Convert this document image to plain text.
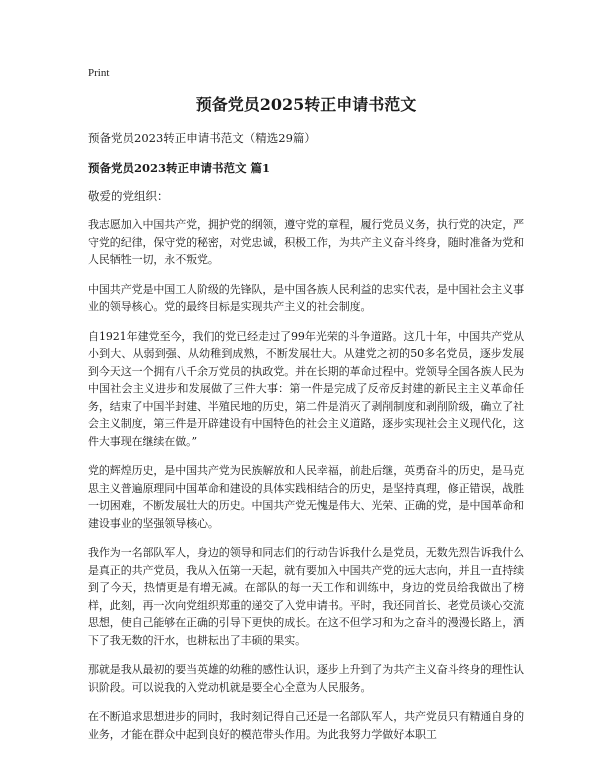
Print
预备党员2025转正申请书范文
预备党员2023转正申请书范文（精选29篇）
预备党员2023转正申请书范文 篇1
敬爱的党组织：

我志愿加入中国共产党，拥护党的纲领，遵守党的章程，履行党员义务，执行党的决定，严守党的纪律，保守党的秘密，对党忠诚，积极工作，为共产主义奋斗终身，随时准备为党和人民牺牲一切，永不叛党。

中国共产党是中国工人阶级的先锋队，是中国各族人民利益的忠实代表，是中国社会主义事业的领导核心。党的最终目标是实现共产主义的社会制度。

自1921年建党至今，我们的党已经走过了99年光荣的斗争道路。这几十年，中国共产党从小到大、从弱到强、从幼稚到成熟，不断发展壮大。从建党之初的50多名党员，逐步发展到今天这一个拥有八千余万党员的执政党。并在长期的革命过程中。党领导全国各族人民为中国社会主义进步和发展做了三件大事：第一件是完成了反帝反封建的新民主主义革命任务，结束了中国半封建、半殖民地的历史，第二件是消灭了剥削制度和剥削阶级，确立了社会主义制度，第三件是开辟建设有中国特色的社会主义道路，逐步实现社会主义现代化，这件大事现在继续在做。”

党的辉煌历史，是中国共产党为民族解放和人民幸福，前赴后继，英勇奋斗的历史，是马克思主义普遍原理同中国革命和建设的具体实践相结合的历史，是坚持真理，修正错误，战胜一切困难，不断发展壮大的历史。中国共产党无愧是伟大、光荣、正确的党，是中国革命和建设事业的坚强领导核心。

我作为一名部队军人，身边的领导和同志们的行动告诉我什么是党员，无数先烈告诉我什么是真正的共产党员，我从入伍第一天起，就有要加入中国共产党的远大志向，并且一直持续到了今天，热情更是有增无减。在部队的每一天工作和训练中，身边的党员给我做出了榜样，此刻，再一次向党组织郑重的递交了入党申请书。平时，我还同首长、老党员谈心交流思想，使自己能够在正确的引导下更快的成长。在这不但学习和为之奋斗的漫漫长路上，洒下了我无数的汗水，也耕耘出了丰硕的果实。

那就是我从最初的要当英雄的幼稚的感性认识，逐步上升到了为共产主义奋斗终身的理性认识阶段。可以说我的入党动机就是要全心全意为人民服务。

在不断追求思想进步的同时，我时刻记得自己还是一名部队军人，共产党员只有精通自身的业务，才能在群众中起到良好的模范带头作用。为此我努力学做好本职工
